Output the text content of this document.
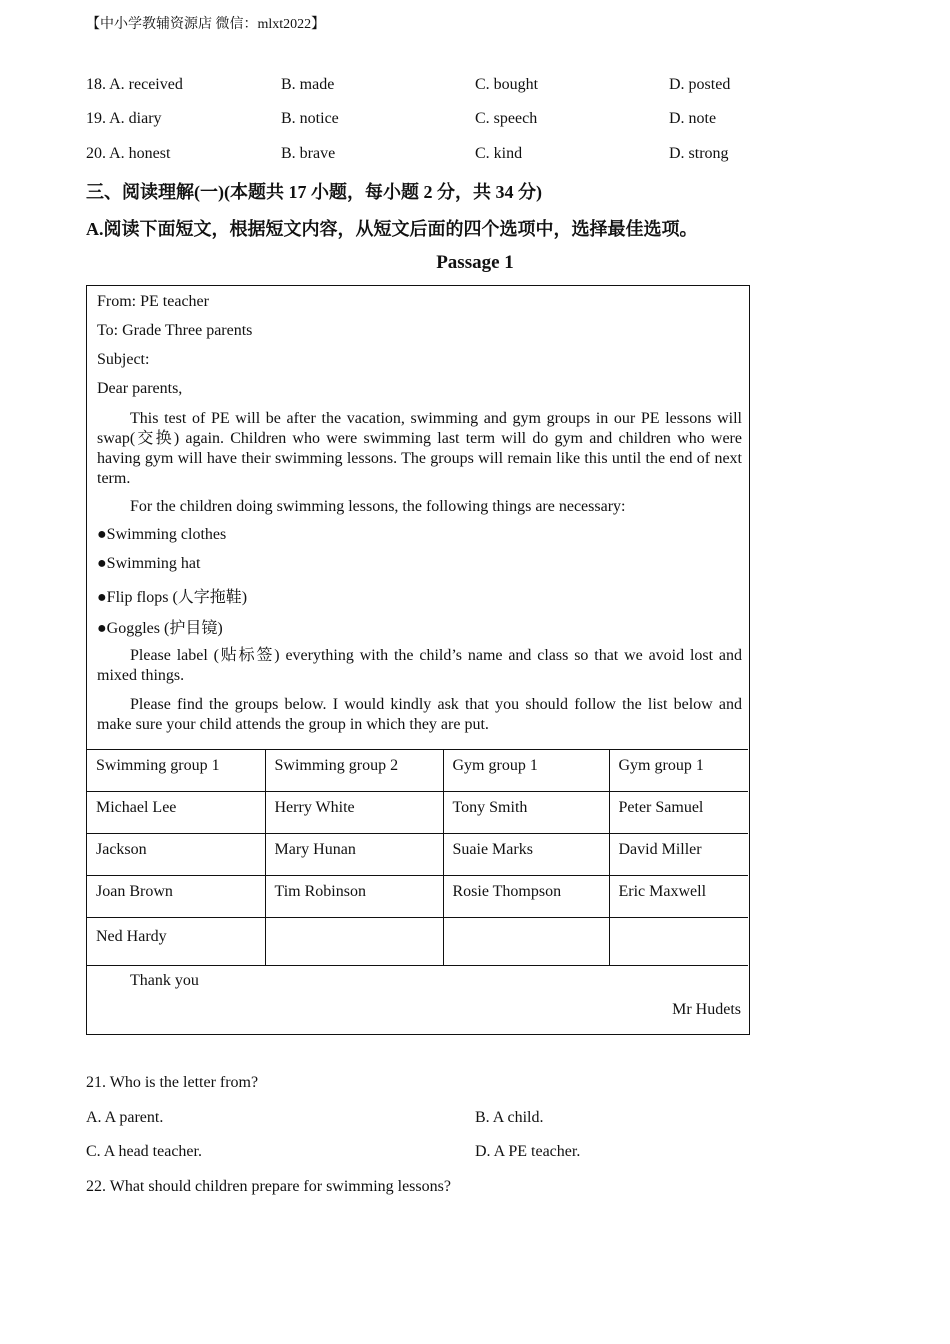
【中小学教辅资源店 微信：mlxt2022】
18. A. received	B. made	C. bought	D. posted
19. A. diary	B. notice	C. speech	D. note
20. A. honest	B. brave	C. kind	D. strong
三、阅读理解(一)(本题共 17 小题，每小题 2 分，共 34 分)
A.阅读下面短文，根据短文内容，从短文后面的四个选项中，选择最佳选项。
Passage 1
From: PE teacher
To: Grade Three parents
Subject:
Dear parents,
This test of PE will be after the vacation, swimming and gym groups in our PE lessons will swap(交换) again. Children who were swimming last term will do gym and children who were having gym will have their swimming lessons. The groups will remain like this until the end of next term.
For the children doing swimming lessons, the following things are necessary:
●Swimming clothes
●Swimming hat
●Flip flops (人字拖鞋)
●Goggles (护目镜)
Please label (贴标签) everything with the child’s name and class so that we avoid lost and mixed things.
Please find the groups below. I would kindly ask that you should follow the list below and make sure your child attends the group in which they are put.
Swimming group 1	Swimming group 2	Gym group 1	Gym group 1
Michael Lee	Herry White	Tony Smith	Peter Samuel
Jackson	Mary Hunan	Suaie Marks	David Miller
Joan Brown	Tim Robinson	Rosie Thompson	Eric Maxwell
Ned Hardy			
Thank you
Mr Hudets
21. Who is the letter from?
A. A parent.	B. A child.
C. A head teacher.	D. A PE teacher.
22. What should children prepare for swimming lessons?
